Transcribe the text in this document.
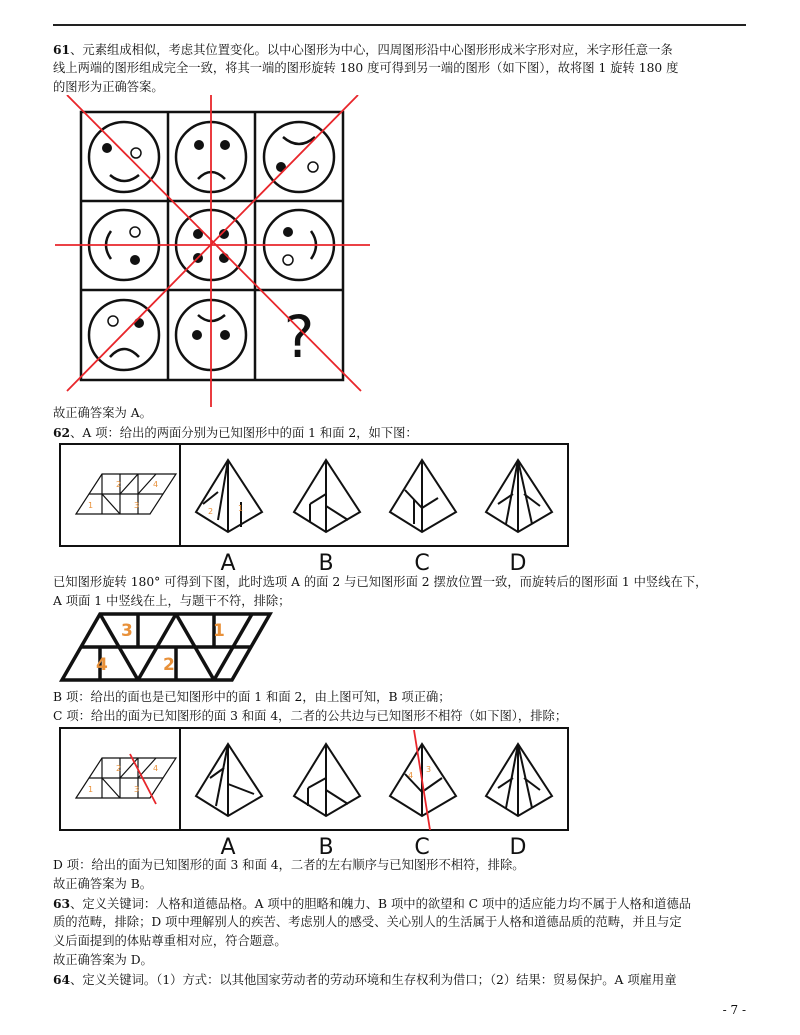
61、元素组成相似，考虑其位置变化。以中心图形为中心，四周图形沿中心图形形成米字形对应，米字形任意一条
线上两端的图形组成完全一致，将其一端的图形旋转 180 度可得到另一端的图形（如下图），故将图 1 旋转 180 度
的图形为正确答案。
?
故正确答案为 A。
62、A 项：给出的两面分别为已知图形中的面 1 和面 2，如下图：
2	4
1	3
2	1
A	B	C	D
已知图形旋转 180° 可得到下图，此时选项 A 的面 2 与已知图形面 2 摆放位置一致，而旋转后的图形面 1 中竖线在下，
A 项面 1 中竖线在上，与题干不符，排除；
3	1
4	2
B 项：给出的面也是已知图形中的面 1 和面 2，由上图可知，B 项正确；
C 项：给出的面为已知图形的面 3 和面 4，二者的公共边与已知图形不相符（如下图），排除；
2	4
1	3
4
3
A	B	C	D
D 项：给出的面为已知图形的面 3 和面 4，二者的左右顺序与已知图形不相符，排除。
故正确答案为 B。
63、定义关键词：人格和道德品格。A 项中的胆略和魄力、B 项中的欲望和 C 项中的适应能力均不属于人格和道德品
质的范畴，排除；D 项中理解别人的疾苦、考虑别人的感受、关心别人的生活属于人格和道德品质的范畴，并且与定
义后面提到的体贴尊重相对应，符合题意。
故正确答案为 D。
64、定义关键词。（1）方式：以其他国家劳动者的劳动环境和生存权利为借口；（2）结果：贸易保护。A 项雇用童
- 7 -
